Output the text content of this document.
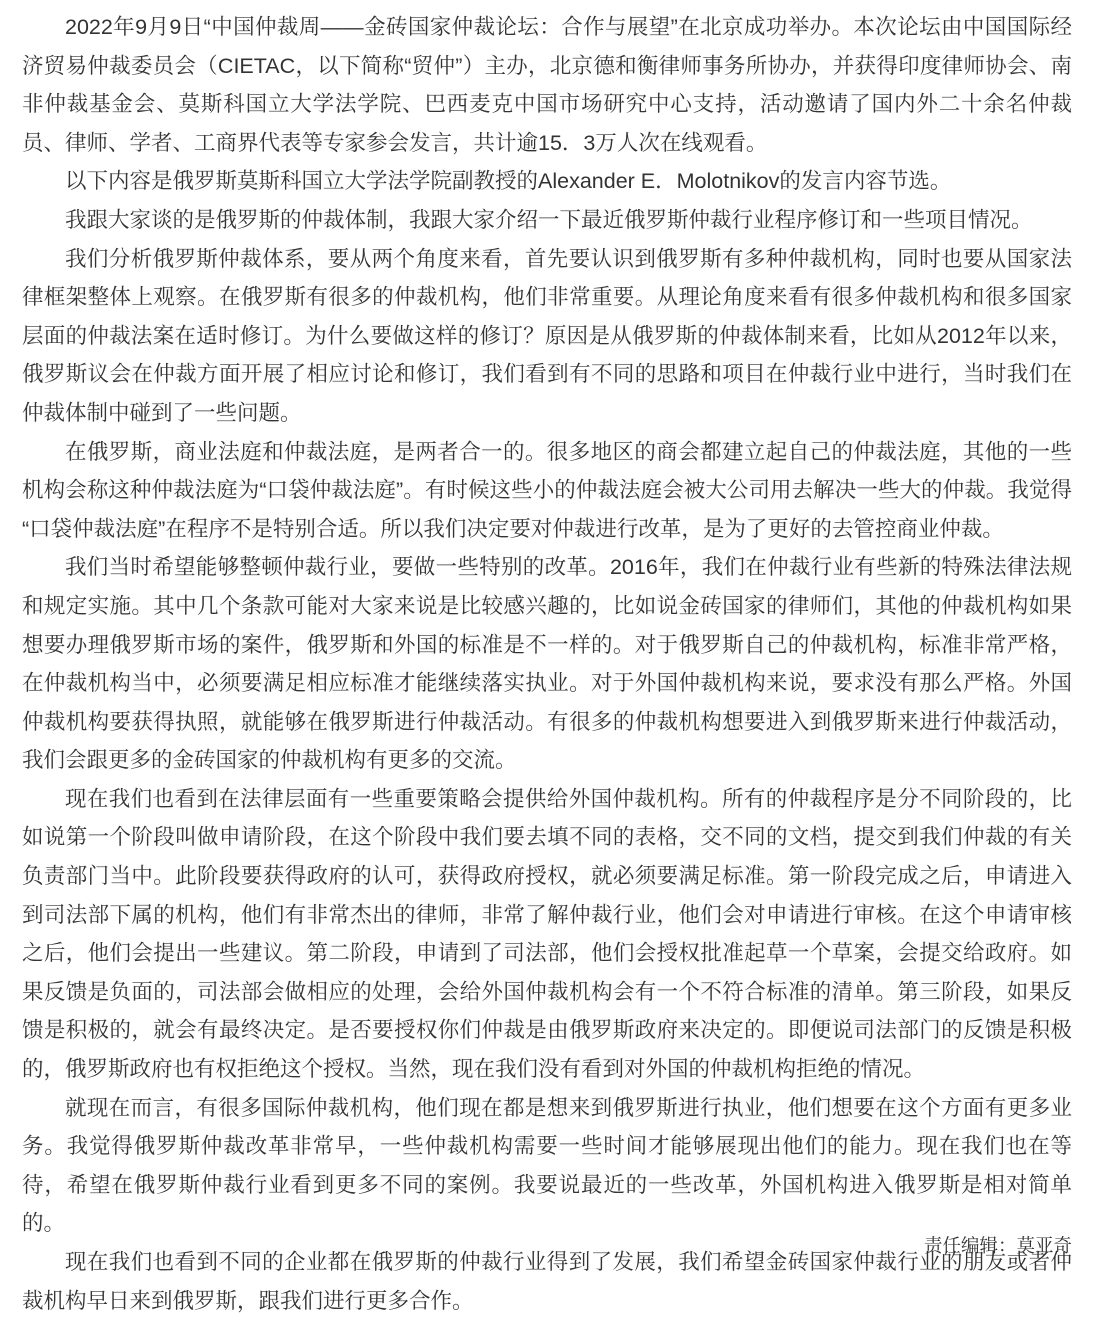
2022年9月9日“中国仲裁周——金砖国家仲裁论坛：合作与展望”在北京成功举办。本次论坛由中国国际经济贸易仲裁委员会（CIETAC，以下简称“贸仲”）主办，北京德和衡律师事务所协办，并获得印度律师协会、南非仲裁基金会、莫斯科国立大学法学院、巴西麦克中国市场研究中心支持，活动邀请了国内外二十余名仲裁员、律师、学者、工商界代表等专家参会发言，共计逾15．3万人次在线观看。

以下内容是俄罗斯莫斯科国立大学法学院副教授的Alexander E．Molotnikov的发言内容节选。

我跟大家谈的是俄罗斯的仲裁体制，我跟大家介绍一下最近俄罗斯仲裁行业程序修订和一些项目情况。

我们分析俄罗斯仲裁体系，要从两个角度来看，首先要认识到俄罗斯有多种仲裁机构，同时也要从国家法律框架整体上观察。在俄罗斯有很多的仲裁机构，他们非常重要。从理论角度来看有很多仲裁机构和很多国家层面的仲裁法案在适时修订。为什么要做这样的修订？原因是从俄罗斯的仲裁体制来看，比如从2012年以来，俄罗斯议会在仲裁方面开展了相应讨论和修订，我们看到有不同的思路和项目在仲裁行业中进行，当时我们在仲裁体制中碰到了一些问题。

在俄罗斯，商业法庭和仲裁法庭，是两者合一的。很多地区的商会都建立起自己的仲裁法庭，其他的一些机构会称这种仲裁法庭为“口袋仲裁法庭”。有时候这些小的仲裁法庭会被大公司用去解决一些大的仲裁。我觉得“口袋仲裁法庭”在程序不是特别合适。所以我们决定要对仲裁进行改革，是为了更好的去管控商业仲裁。

我们当时希望能够整顿仲裁行业，要做一些特别的改革。2016年，我们在仲裁行业有些新的特殊法律法规和规定实施。其中几个条款可能对大家来说是比较感兴趣的，比如说金砖国家的律师们，其他的仲裁机构如果想要办理俄罗斯市场的案件，俄罗斯和外国的标准是不一样的。对于俄罗斯自己的仲裁机构，标准非常严格，在仲裁机构当中，必须要满足相应标准才能继续落实执业。对于外国仲裁机构来说，要求没有那么严格。外国仲裁机构要获得执照，就能够在俄罗斯进行仲裁活动。有很多的仲裁机构想要进入到俄罗斯来进行仲裁活动，我们会跟更多的金砖国家的仲裁机构有更多的交流。

现在我们也看到在法律层面有一些重要策略会提供给外国仲裁机构。所有的仲裁程序是分不同阶段的，比如说第一个阶段叫做申请阶段，在这个阶段中我们要去填不同的表格，交不同的文档，提交到我们仲裁的有关负责部门当中。此阶段要获得政府的认可，获得政府授权，就必须要满足标准。第一阶段完成之后，申请进入到司法部下属的机构，他们有非常杰出的律师，非常了解仲裁行业，他们会对申请进行审核。在这个申请审核之后，他们会提出一些建议。第二阶段，申请到了司法部，他们会授权批准起草一个草案，会提交给政府。如果反馈是负面的，司法部会做相应的处理，会给外国仲裁机构会有一个不符合标准的清单。第三阶段，如果反馈是积极的，就会有最终决定。是否要授权你们仲裁是由俄罗斯政府来决定的。即便说司法部门的反馈是积极的，俄罗斯政府也有权拒绝这个授权。当然，现在我们没有看到对外国的仲裁机构拒绝的情况。

就现在而言，有很多国际仲裁机构，他们现在都是想来到俄罗斯进行执业，他们想要在这个方面有更多业务。我觉得俄罗斯仲裁改革非常早，一些仲裁机构需要一些时间才能够展现出他们的能力。现在我们也在等待，希望在俄罗斯仲裁行业看到更多不同的案例。我要说最近的一些改革，外国机构进入俄罗斯是相对简单的。

现在我们也看到不同的企业都在俄罗斯的仲裁行业得到了发展，我们希望金砖国家仲裁行业的朋友或者仲裁机构早日来到俄罗斯，跟我们进行更多合作。

责任编辑：莫亚奇
